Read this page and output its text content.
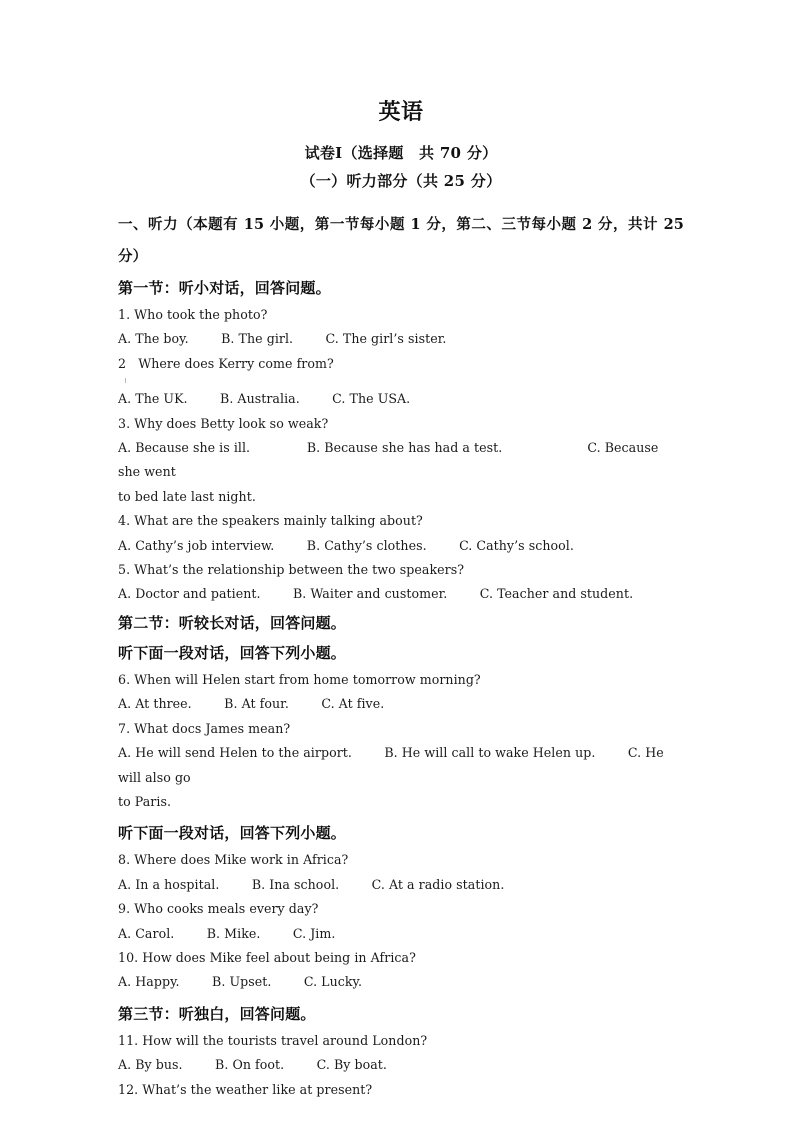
英语

试卷Ⅰ（选择题　共 70 分）

（一）听力部分（共 25 分）

一、听力（本题有 15 小题，第一节每小题 1 分，第二、三节每小题 2 分，共计 25 分）

第一节：听小对话，回答问题。

1. Who took the photo?

A. The boy.        B. The girl.        C. The girl’s sister.

2   Where does Kerry come from?

A. The UK.        B. Australia.        C. The USA.

3. Why does Betty look so weak?

A. Because she is ill.              B. Because she has had a test.                     C. Because she went

to bed late last night.

4. What are the speakers mainly talking about?

A. Cathy’s job interview.        B. Cathy’s clothes.        C. Cathy’s school.

5. What’s the relationship between the two speakers?

A. Doctor and patient.        B. Waiter and customer.        C. Teacher and student.

第二节：听较长对话，回答问题。

听下面一段对话，回答下列小题。

6. When will Helen start from home tomorrow morning?

A. At three.        B. At four.        C. At five.

7. What docs James mean?

A. He will send Helen to the airport.        B. He will call to wake Helen up.        C. He will also go

to Paris.

听下面一段对话，回答下列小题。

8. Where does Mike work in Africa?

A. In a hospital.        B. Ina school.        C. At a radio station.

9. Who cooks meals every day?

A. Carol.        B. Mike.        C. Jim.

10. How does Mike feel about being in Africa?

A. Happy.        B. Upset.        C. Lucky.

第三节：听独白，回答问题。

11. How will the tourists travel around London?

A. By bus.        B. On foot.        C. By boat.

12. What’s the weather like at present?
